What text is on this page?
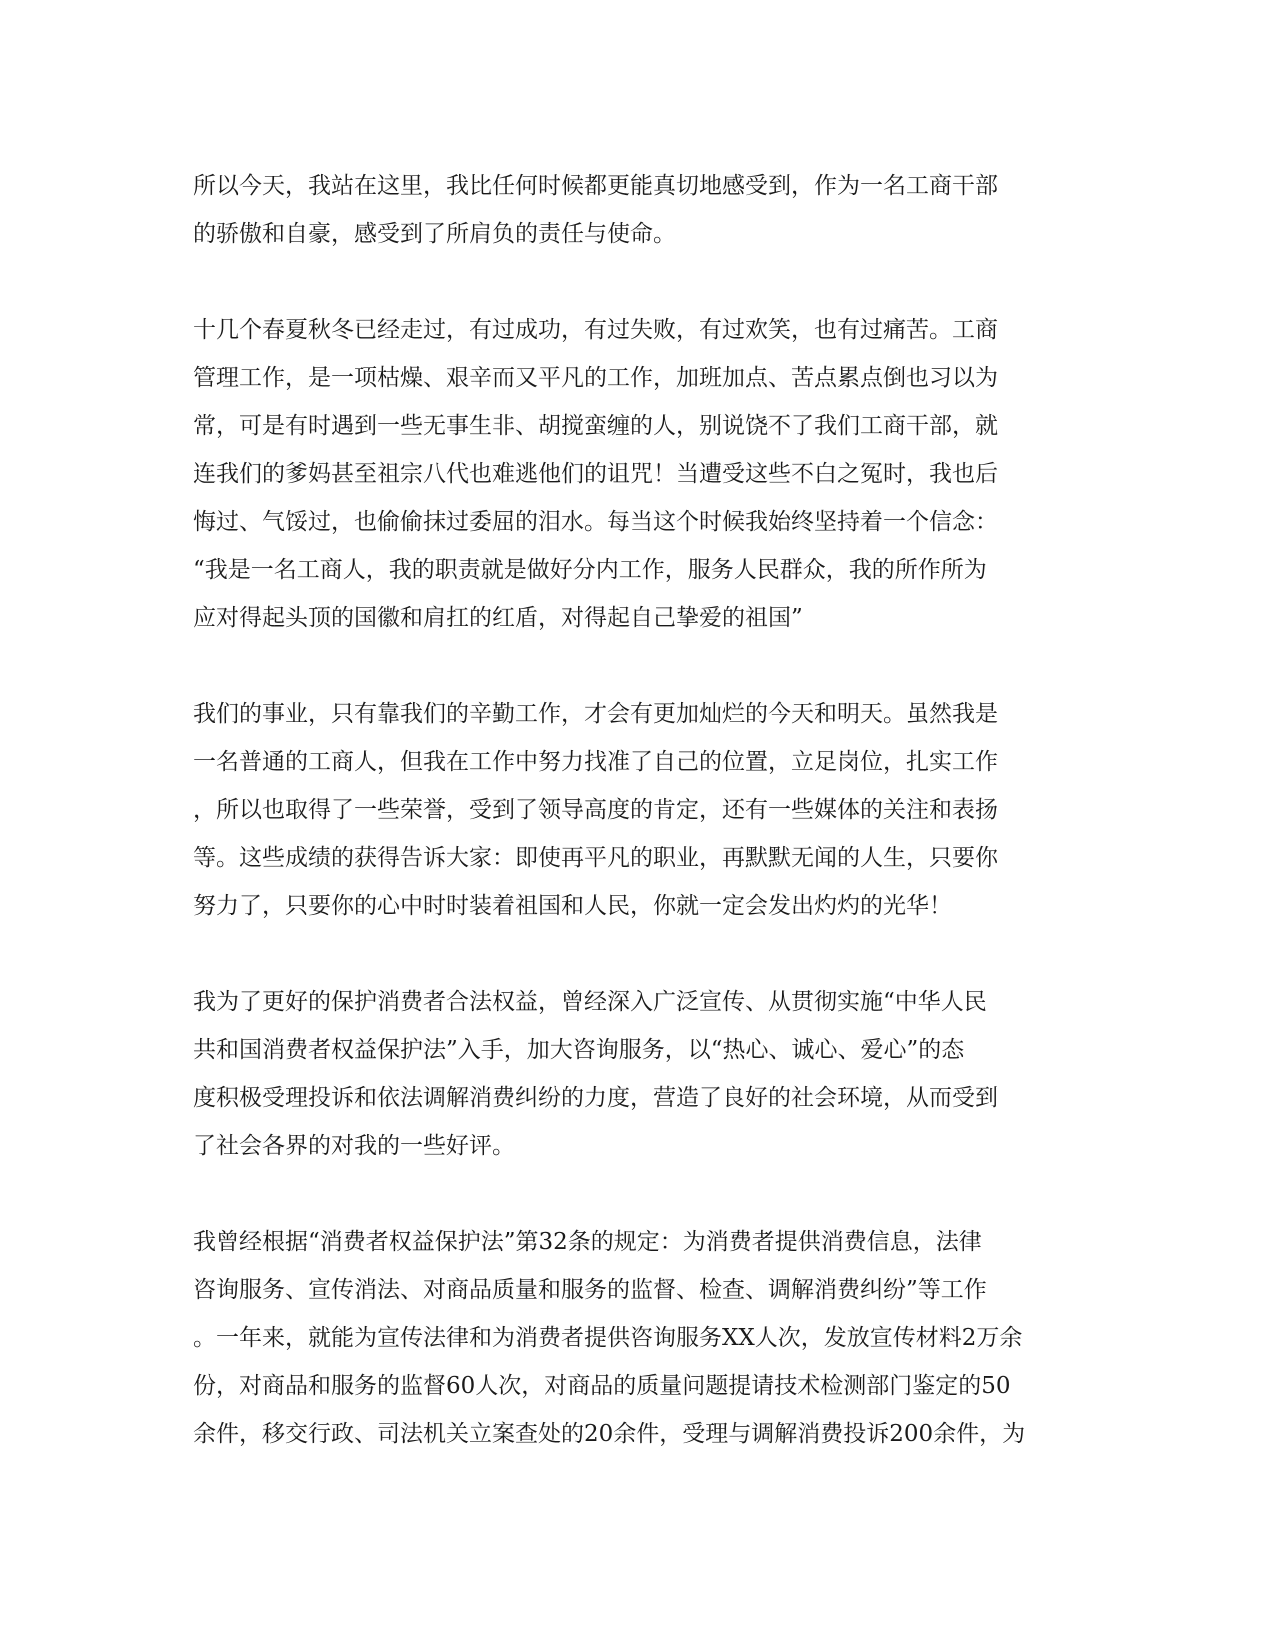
所以今天，我站在这里，我比任何时候都更能真切地感受到，作为一名工商干部
的骄傲和自豪，感受到了所肩负的责任与使命。

十几个春夏秋冬已经走过，有过成功，有过失败，有过欢笑，也有过痛苦。工商
管理工作，是一项枯燥、艰辛而又平凡的工作，加班加点、苦点累点倒也习以为
常，可是有时遇到一些无事生非、胡搅蛮缠的人，别说饶不了我们工商干部，就
连我们的爹妈甚至祖宗八代也难逃他们的诅咒！当遭受这些不白之冤时，我也后
悔过、气馁过，也偷偷抹过委屈的泪水。每当这个时候我始终坚持着一个信念：
“我是一名工商人，我的职责就是做好分内工作，服务人民群众，我的所作所为
应对得起头顶的国徽和肩扛的红盾，对得起自己挚爱的祖国”

我们的事业，只有靠我们的辛勤工作，才会有更加灿烂的今天和明天。虽然我是
一名普通的工商人，但我在工作中努力找准了自己的位置，立足岗位，扎实工作
，所以也取得了一些荣誉，受到了领导高度的肯定，还有一些媒体的关注和表扬
等。这些成绩的获得告诉大家：即使再平凡的职业，再默默无闻的人生，只要你
努力了，只要你的心中时时装着祖国和人民，你就一定会发出灼灼的光华！

我为了更好的保护消费者合法权益，曾经深入广泛宣传、从贯彻实施“中华人民
共和国消费者权益保护法”入手，加大咨询服务，以“热心、诚心、爱心”的态
度积极受理投诉和依法调解消费纠纷的力度，营造了良好的社会环境，从而受到
了社会各界的对我的一些好评。

我曾经根据“消费者权益保护法”第32条的规定：为消费者提供消费信息，法律
咨询服务、宣传消法、对商品质量和服务的监督、检查、调解消费纠纷”等工作
。一年来，就能为宣传法律和为消费者提供咨询服务XX人次，发放宣传材料2万余
份，对商品和服务的监督60人次，对商品的质量问题提请技术检测部门鉴定的50
余件，移交行政、司法机关立案查处的20余件，受理与调解消费投诉200余件，为
